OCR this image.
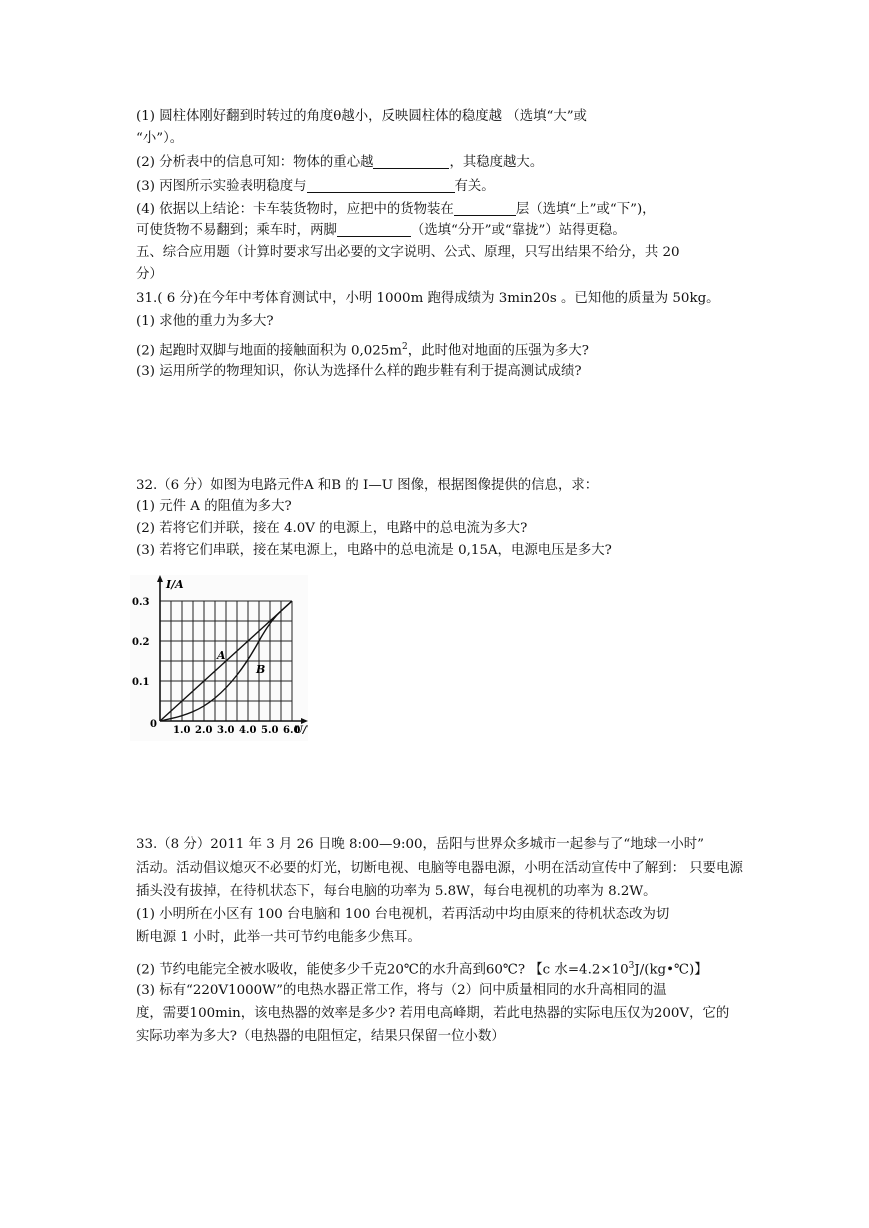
(1) 圆柱体刚好翻到时转过的角度θ越小，反映圆柱体的稳度越 （选填“大”或
“小”）。
(2) 分析表中的信息可知：物体的重心越	，其稳度越大。
(3) 丙图所示实验表明稳度与	有关。
(4) 依据以上结论：卡车装货物时，应把中的货物装在	层（选填“上”或“下”)，
可使货物不易翻到；乘车时，两脚	（选填“分开”或“靠拢”）站得更稳。
五、综合应用题（计算时要求写出必要的文字说明、公式、原理，只写出结果不给分，共 20
分）
31.( 6 分)在今年中考体育测试中，小明 1000m 跑得成绩为 3min20s 。已知他的质量为 50kg。
(1) 求他的重力为多大?
(2) 起跑时双脚与地面的接触面积为 $0,025m^2$，此时他对地面的压强为多大?
(3) 运用所学的物理知识，你认为选择什么样的跑步鞋有利于提高测试成绩?
32.（6 分）如图为电路元件A 和B 的 I—U 图像，根据图像提供的信息，求：
(1) 元件 A 的阻值为多大?
(2) 若将它们并联，接在 4.0V 的电源上，电路中的总电流为多大?
(3) 若将它们串联，接在某电源上，电路中的总电流是 0,15A，电源电压是多大?
0.1
0.2
0.3
1.0 2.0 3.0 4.0 5.0 6.0
I/A
U/
0
A
B
33.（8 分）2011 年 3 月 26 日晚 8:00—9:00，岳阳与世界众多城市一起参与了“地球一小时”
活动。活动倡议熄灭不必要的灯光，切断电视、电脑等电器电源，小明在活动宣传中了解到： 只要电源
插头没有拔掉，在待机状态下，每台电脑的功率为 5.8W，每台电视机的功率为 8.2W。
(1) 小明所在小区有 100 台电脑和 100 台电视机，若再活动中均由原来的待机状态改为切
断电源 1 小时，此举一共可节约电能多少焦耳。
(2) 节约电能完全被水吸收，能使多少千克20℃的水升高到60℃? 【c 水$=4.2\times 10^3J/(kg•℃)$】
(3) 标有“220V1000W”的电热水器正常工作，将与（2）问中质量相同的水升高相同的温
度，需要100min，该电热器的效率是多少? 若用电高峰期，若此电热器的实际电压仅为200V，它的
实际功率为多大?（电热器的电阻恒定，结果只保留一位小数）
